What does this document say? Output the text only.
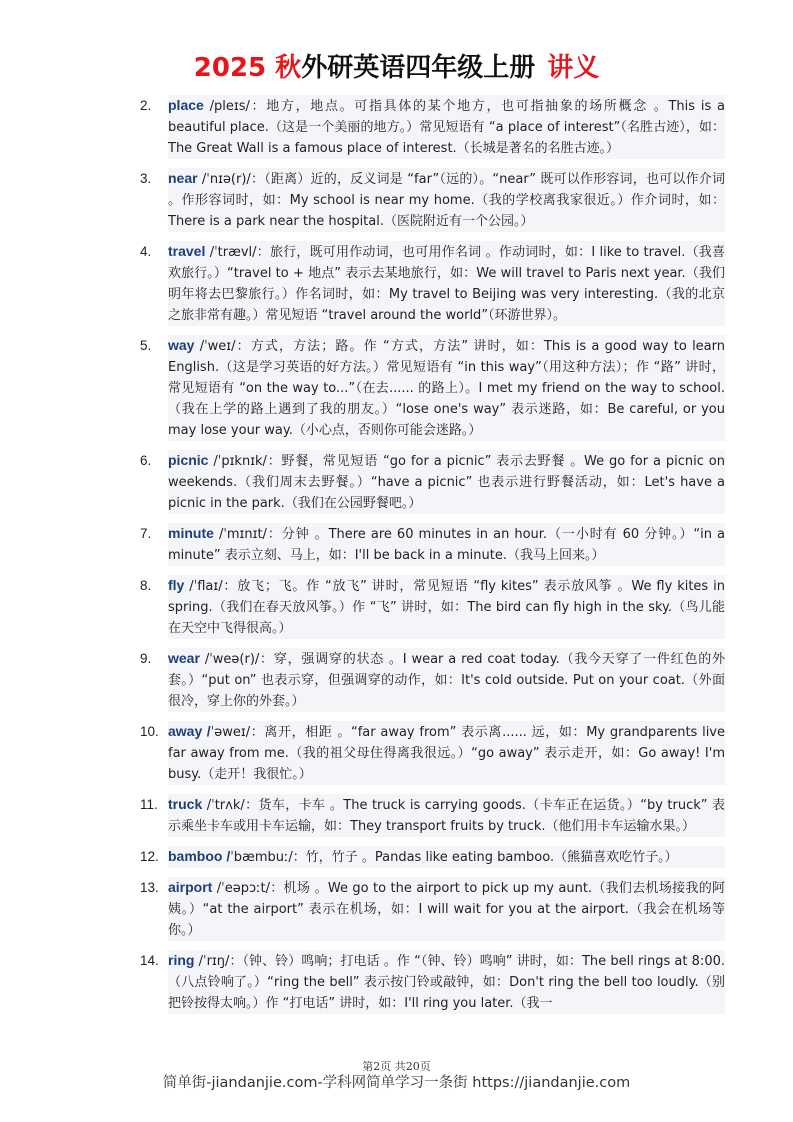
2025 秋外研英语四年级上册 讲义
2.	place /pleɪs/：地方，地点。可指具体的某个地方，也可指抽象的场所概念 。This is a beautiful place.（这是一个美丽的地方。）常见短语有 “a place of interest”（名胜古迹），如：The Great Wall is a famous place of interest.（长城是著名的名胜古迹。）
3.	near /ˈnɪə(r)/：（距离）近的，反义词是 “far”（远的）。“near” 既可以作形容词，也可以作介词 。作形容词时，如：My school is near my home.（我的学校离我家很近。）作介词时，如：There is a park near the hospital.（医院附近有一个公园。）
4.	travel /ˈtrævl/：旅行，既可用作动词，也可用作名词 。作动词时，如：I like to travel.（我喜欢旅行。）“travel to + 地点” 表示去某地旅行，如：We will travel to Paris next year.（我们明年将去巴黎旅行。）作名词时，如：My travel to Beijing was very interesting.（我的北京之旅非常有趣。）常见短语 “travel around the world”（环游世界）。
5.	way /ˈweɪ/：方式，方法；路。作 “方式，方法” 讲时，如：This is a good way to learn English.（这是学习英语的好方法。）常见短语有 “in this way”（用这种方法）；作 “路” 讲时，常见短语有 “on the way to...”（在去...... 的路上）。I met my friend on the way to school.（我在上学的路上遇到了我的朋友。）“lose one's way” 表示迷路，如：Be careful, or you may lose your way.（小心点，否则你可能会迷路。）
6.	picnic /ˈpɪknɪk/：野餐，常见短语 “go for a picnic” 表示去野餐 。We go for a picnic on weekends.（我们周末去野餐。）“have a picnic” 也表示进行野餐活动，如：Let's have a picnic in the park.（我们在公园野餐吧。）
7.	minute /ˈmɪnɪt/：分钟 。There are 60 minutes in an hour.（一小时有 60 分钟。）“in a minute” 表示立刻、马上，如：I'll be back in a minute.（我马上回来。）
8.	fly /ˈflaɪ/：放飞；飞。作 “放飞” 讲时，常见短语 “fly kites” 表示放风筝 。We fly kites in spring.（我们在春天放风筝。）作 “飞” 讲时，如：The bird can fly high in the sky.（鸟儿能在天空中飞得很高。）
9.	wear /ˈweə(r)/：穿，强调穿的状态 。I wear a red coat today.（我今天穿了一件红色的外套。）“put on” 也表示穿，但强调穿的动作，如：It's cold outside. Put on your coat.（外面很冷，穿上你的外套。）
10. away /ˈəweɪ/：离开，相距 。“far away from” 表示离...... 远，如：My grandparents live far away from me.（我的祖父母住得离我很远。）“go away” 表示走开，如：Go away! I'm busy.（走开！我很忙。）
11. truck /ˈtrʌk/：货车，卡车 。The truck is carrying goods.（卡车正在运货。）“by truck” 表示乘坐卡车或用卡车运输，如：They transport fruits by truck.（他们用卡车运输水果。）
12. bamboo /ˈbæmbuː/：竹，竹子 。Pandas like eating bamboo.（熊猫喜欢吃竹子。）
13. airport /ˈeəpɔːt/：机场 。We go to the airport to pick up my aunt.（我们去机场接我的阿姨。）“at the airport” 表示在机场，如：I will wait for you at the airport.（我会在机场等你。）
14. ring /ˈrɪŋ/：（钟、铃）鸣响；打电话 。作 “（钟、铃）鸣响” 讲时，如：The bell rings at 8:00.（八点铃响了。）“ring the bell” 表示按门铃或敲钟，如：Don't ring the bell too loudly.（别把铃按得太响。）作 “打电话” 讲时，如：I'll ring you later.（我一
第2页 共20页
简单街-jiandanjie.com-学科网简单学习一条街 https://jiandanjie.com
